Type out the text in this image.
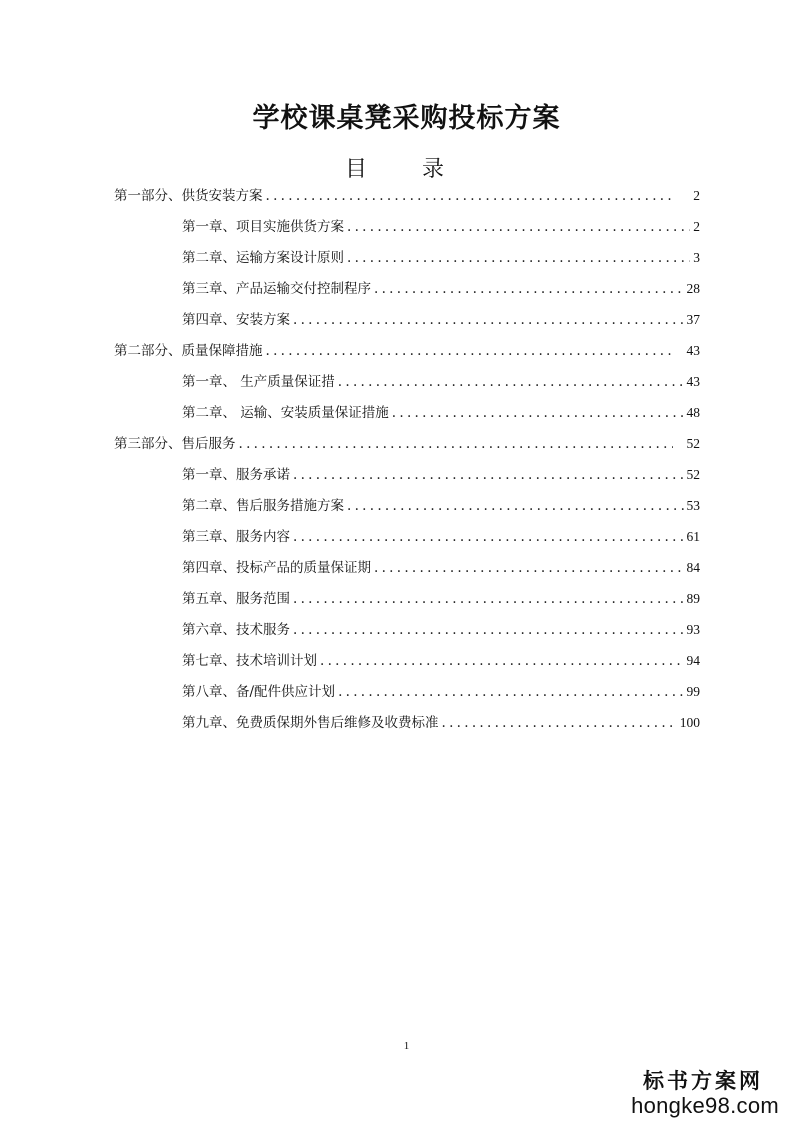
学校课桌凳采购投标方案
目 录
第一部分、供货安装方案 . . .	2
第一章、项目实施供货方案 . . .	2
第二章、运输方案设计原则 . . .	3
第三章、产品运输交付控制程序 . . .	28
第四章、安装方案 . . .	37
第二部分、质量保障措施 . . .	43
第一章、 生产质量保证措 . . .	43
第二章、 运输、安装质量保证措施 . . .	48
第三部分、售后服务 . . .	52
第一章、服务承诺 . . .	52
第二章、售后服务措施方案 . . .	53
第三章、服务内容 . . .	61
第四章、投标产品的质量保证期 . . .	84
第五章、服务范围 . . .	89
第六章、技术服务 . . .	93
第七章、技术培训计划 . . .	94
第八章、备/配件供应计划 . . .	99
第九章、免费质保期外售后维修及收费标准 . . .	100
1
标书方案网
hongke98.com
